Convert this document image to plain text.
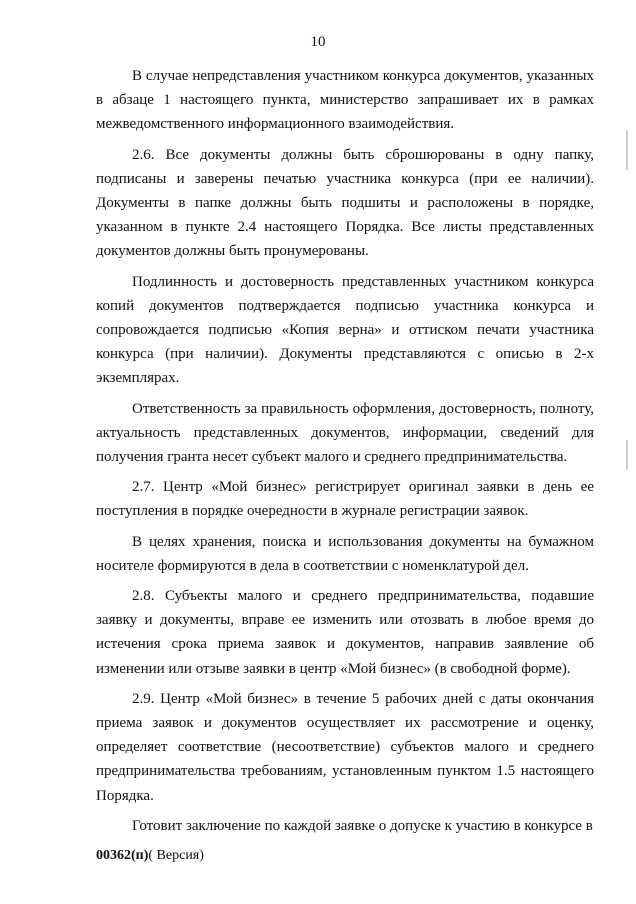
10

В случае непредставления участником конкурса документов, указанных в абзаце 1 настоящего пункта, министерство запрашивает их в рамках межведомственного информационного взаимодействия.

2.6. Все документы должны быть сброшюрованы в одну папку, подписаны и заверены печатью участника конкурса (при ее наличии). Документы в папке должны быть подшиты и расположены в порядке, указанном в пункте 2.4 настоящего Порядка. Все листы представленных документов должны быть пронумерованы.

Подлинность и достоверность представленных участником конкурса копий документов подтверждается подписью участника конкурса и сопровождается подписью «Копия верна» и оттиском печати участника конкурса (при наличии). Документы представляются с описью в 2-х экземплярах.

Ответственность за правильность оформления, достоверность, полноту, актуальность представленных документов, информации, сведений для получения гранта несет субъект малого и среднего предпринимательства.

2.7. Центр «Мой бизнес» регистрирует оригинал заявки в день ее поступления в порядке очередности в журнале регистрации заявок.

В целях хранения, поиска и использования документы на бумажном носителе формируются в дела в соответствии с номенклатурой дел.

2.8. Субъекты малого и среднего предпринимательства, подавшие заявку и документы, вправе ее изменить или отозвать в любое время до истечения срока приема заявок и документов, направив заявление об изменении или отзыве заявки в центр «Мой бизнес» (в свободной форме).

2.9. Центр «Мой бизнес» в течение 5 рабочих дней с даты окончания приема заявок и документов осуществляет их рассмотрение и оценку, определяет соответствие (несоответствие) субъектов малого и среднего предпринимательства требованиям, установленным пунктом 1.5 настоящего Порядка.

Готовит заключение по каждой заявке о допуске к участию в конкурсе в

00362(п)( Версия)
